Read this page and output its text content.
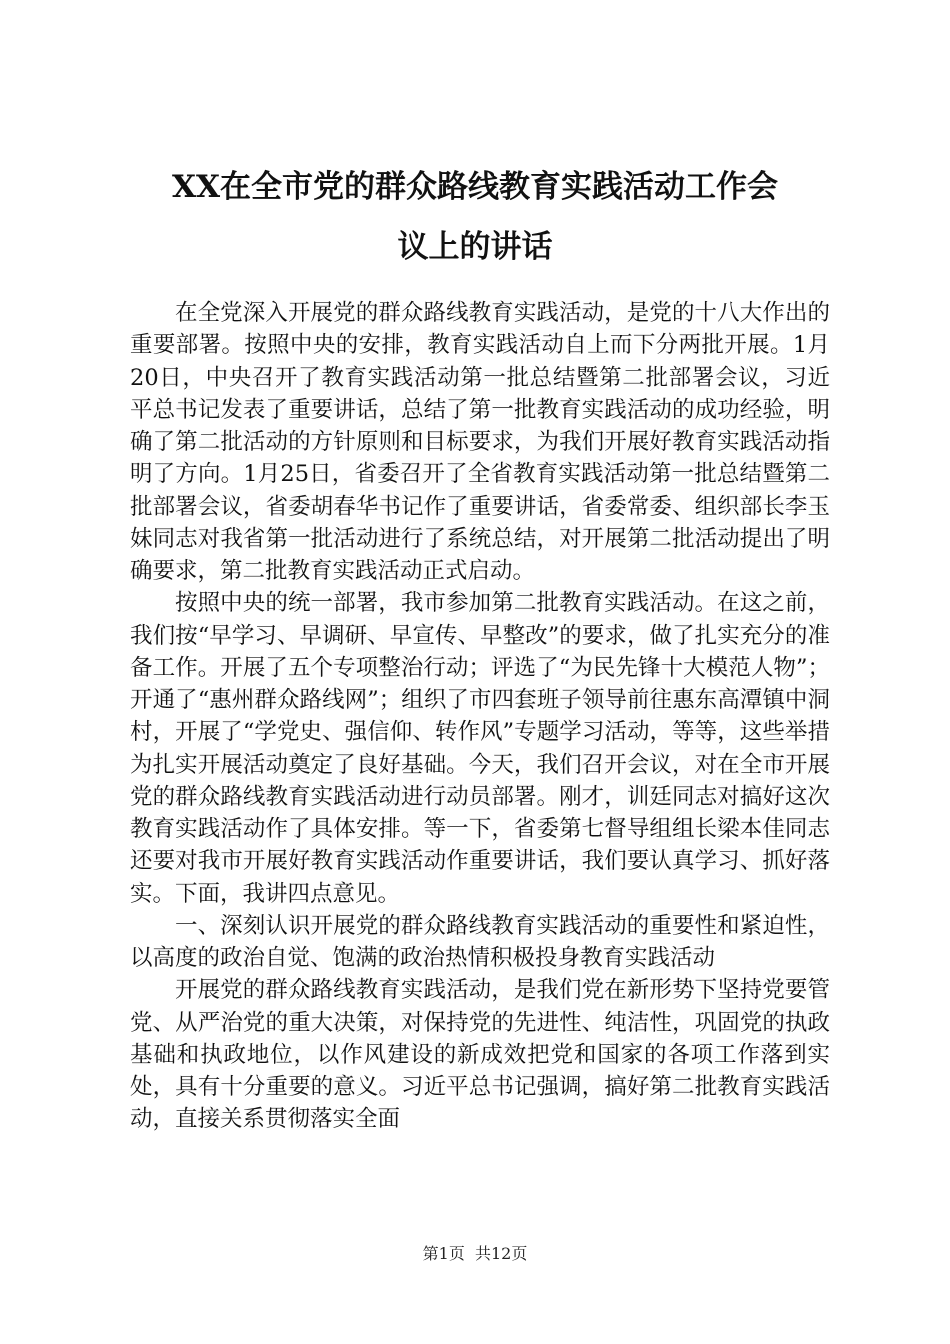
XX在全市党的群众路线教育实践活动工作会
议上的讲话

在全党深入开展党的群众路线教育实践活动，是党的十八大作出的重要部署。按照中央的安排，教育实践活动自上而下分两批开展。1月20日，中央召开了教育实践活动第一批总结暨第二批部署会议，习近平总书记发表了重要讲话，总结了第一批教育实践活动的成功经验，明确了第二批活动的方针原则和目标要求，为我们开展好教育实践活动指明了方向。1月25日，省委召开了全省教育实践活动第一批总结暨第二批部署会议，省委胡春华书记作了重要讲话，省委常委、组织部长李玉妹同志对我省第一批活动进行了系统总结，对开展第二批活动提出了明确要求，第二批教育实践活动正式启动。

按照中央的统一部署，我市参加第二批教育实践活动。在这之前，我们按“早学习、早调研、早宣传、早整改”的要求，做了扎实充分的准备工作。开展了五个专项整治行动；评选了“为民先锋十大模范人物”；开通了“惠州群众路线网”；组织了市四套班子领导前往惠东高潭镇中洞村，开展了“学党史、强信仰、转作风”专题学习活动，等等，这些举措为扎实开展活动奠定了良好基础。今天，我们召开会议，对在全市开展党的群众路线教育实践活动进行动员部署。刚才，训廷同志对搞好这次教育实践活动作了具体安排。等一下，省委第七督导组组长梁本佳同志还要对我市开展好教育实践活动作重要讲话，我们要认真学习、抓好落实。下面，我讲四点意见。

一、深刻认识开展党的群众路线教育实践活动的重要性和紧迫性，以高度的政治自觉、饱满的政治热情积极投身教育实践活动

开展党的群众路线教育实践活动，是我们党在新形势下坚持党要管党、从严治党的重大决策，对保持党的先进性、纯洁性，巩固党的执政基础和执政地位，以作风建设的新成效把党和国家的各项工作落到实处，具有十分重要的意义。习近平总书记强调，搞好第二批教育实践活动，直接关系贯彻落实全面

第1页  共12页
